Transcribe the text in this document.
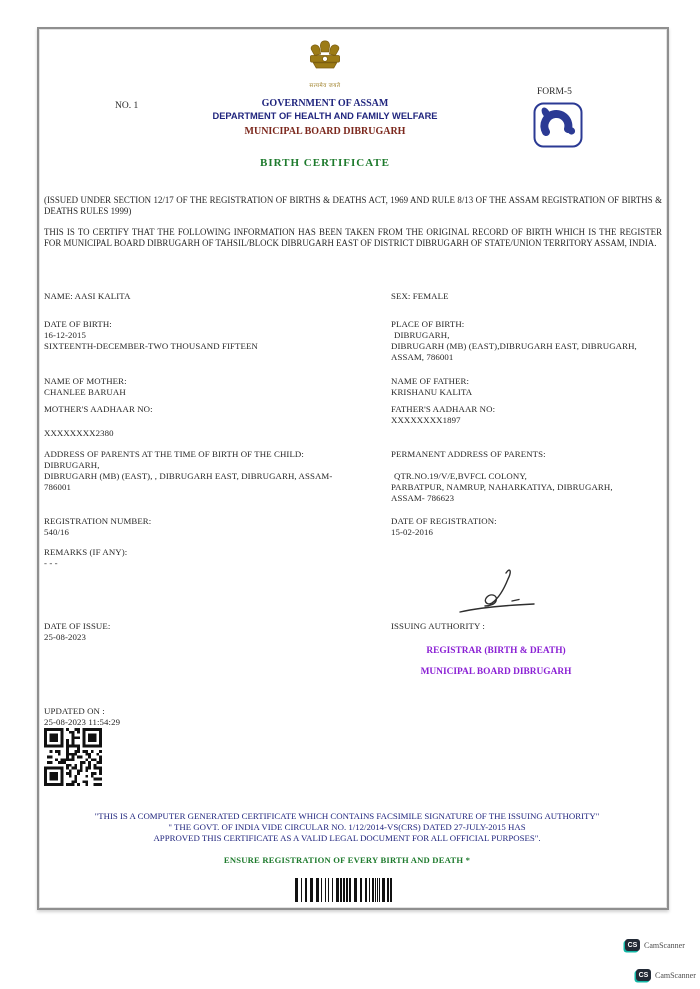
सत्यमेव जयते
NO. 1
FORM-5
GOVERNMENT OF ASSAM
DEPARTMENT OF HEALTH AND FAMILY WELFARE
MUNICIPAL BOARD DIBRUGARH
BIRTH CERTIFICATE
(ISSUED UNDER SECTION 12/17 OF THE REGISTRATION OF BIRTHS & DEATHS ACT, 1969 AND RULE 8/13 OF THE ASSAM REGISTRATION OF BIRTHS & DEATHS RULES 1999)
THIS IS TO CERTIFY THAT THE FOLLOWING INFORMATION HAS BEEN TAKEN FROM THE ORIGINAL RECORD OF BIRTH WHICH IS THE REGISTER FOR MUNICIPAL BOARD DIBRUGARH OF TAHSIL/BLOCK DIBRUGARH EAST OF DISTRICT DIBRUGARH OF STATE/UNION TERRITORY ASSAM, INDIA.
NAME: AASI KALITA	SEX: FEMALE
DATE OF BIRTH:
16-12-2015
SIXTEENTH-DECEMBER-TWO THOUSAND FIFTEEN
PLACE OF BIRTH:
DIBRUGARH,
DIBRUGARH (MB) (EAST),DIBRUGARH EAST, DIBRUGARH,
ASSAM, 786001
NAME OF MOTHER:
CHANLEE BARUAH
NAME OF FATHER:
KRISHANU KALITA
MOTHER'S AADHAAR NO:
XXXXXXXX2380
FATHER'S AADHAAR NO:
XXXXXXXX1897
ADDRESS OF PARENTS AT THE TIME OF BIRTH OF THE CHILD:
DIBRUGARH,
DIBRUGARH (MB) (EAST), , DIBRUGARH EAST, DIBRUGARH, ASSAM-
786001
PERMANENT ADDRESS OF PARENTS:
QTR.NO.19/V/E,BVFCL COLONY,
PARBATPUR, NAMRUP, NAHARKATIYA, DIBRUGARH,
ASSAM- 786623
REGISTRATION NUMBER:
540/16
DATE OF REGISTRATION:
15-02-2016
REMARKS (IF ANY):
- - -
DATE OF ISSUE:
25-08-2023
ISSUING AUTHORITY :
REGISTRAR (BIRTH & DEATH)
MUNICIPAL BOARD DIBRUGARH
UPDATED ON :
25-08-2023 11:54:29
"THIS IS A COMPUTER GENERATED CERTIFICATE WHICH CONTAINS FACSIMILE SIGNATURE OF THE ISSUING AUTHORITY"
" THE GOVT. OF INDIA VIDE CIRCULAR NO. 1/12/2014-VS(CRS) DATED 27-JULY-2015 HAS
APPROVED THIS CERTIFICATE AS A VALID LEGAL DOCUMENT FOR ALL OFFICIAL PURPOSES".
ENSURE REGISTRATION OF EVERY BIRTH AND DEATH *
CS CamScanner
CS CamScanner
